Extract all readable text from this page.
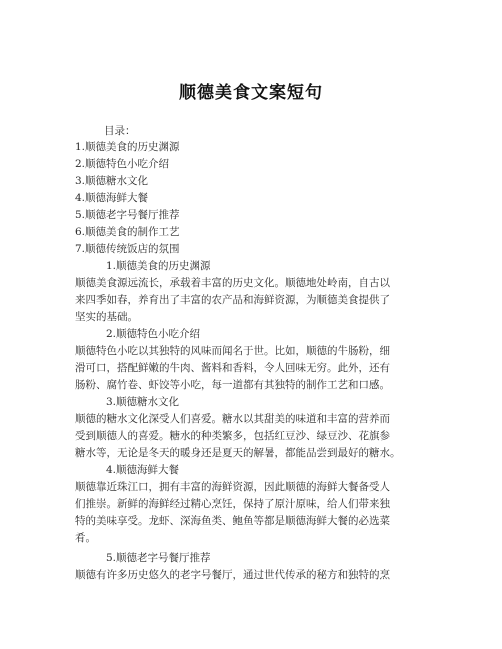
顺德美食文案短句
目录：
1.顺德美食的历史渊源
2.顺德特色小吃介绍
3.顺德糖水文化
4.顺德海鲜大餐
5.顺德老字号餐厅推荐
6.顺德美食的制作工艺
7.顺德传统饭店的氛围
1.顺德美食的历史渊源
顺德美食源远流长，承载着丰富的历史文化。顺德地处岭南，自古以
来四季如春，养育出了丰富的农产品和海鲜资源，为顺德美食提供了
坚实的基础。
2.顺德特色小吃介绍
顺德特色小吃以其独特的风味而闻名于世。比如，顺德的牛肠粉，细
滑可口，搭配鲜嫩的牛肉、酱料和香料，令人回味无穷。此外，还有
肠粉、腐竹卷、虾饺等小吃，每一道都有其独特的制作工艺和口感。
3.顺德糖水文化
顺德的糖水文化深受人们喜爱。糖水以其甜美的味道和丰富的营养而
受到顺德人的喜爱。糖水的种类繁多，包括红豆沙、绿豆沙、花旗参
糖水等，无论是冬天的暖身还是夏天的解暑，都能品尝到最好的糖水。
4.顺德海鲜大餐
顺德靠近珠江口，拥有丰富的海鲜资源，因此顺德的海鲜大餐备受人
们推崇。新鲜的海鲜经过精心烹饪，保持了原汁原味，给人们带来独
特的美味享受。龙虾、深海鱼类、鲍鱼等都是顺德海鲜大餐的必选菜
肴。
5.顺德老字号餐厅推荐
顺德有许多历史悠久的老字号餐厅，通过世代传承的秘方和独特的烹
